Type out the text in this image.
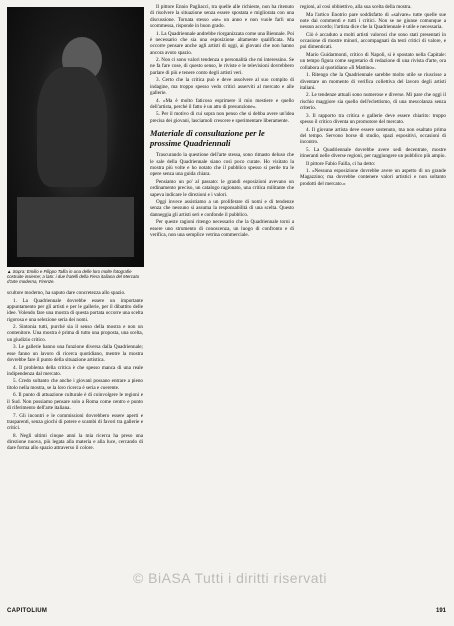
▲ Sopra: Emilio e Filippo Tallia in una delle loro molte fotografie costruite insieme; a lato: i due fratelli della Fiera italiana del Mercato d'arte moderna, Firenze.

scultore moderno, ha saputo dare concretezza allo spazio.

1. La Quadriennale dovrebbe essere un importante appuntamento per gli artisti e per le gallerie, per il dibattito delle idee. Volendo fare una mostra di questa portata occorre una scelta rigorosa e una selezione seria dei nomi.

2. Sintonia tutti, purché sia il senso della mostra e non un contenitore. Una mostra è prima di tutto una proposta, una scelta, un giudizio critico.

3. Le gallerie hanno una funzione diversa dalla Quadriennale; esse fanno un lavoro di ricerca quotidiano, mentre la mostra dovrebbe fare il punto della situazione artistica.

4. Il problema della critica è che spesso manca di una reale indipendenza dal mercato.

5. Credo soltanto che anche i giovani possano entrare a pieno titolo nella mostra, se la loro ricerca è seria e coerente.

6. Il punto di attuazione culturale è di coinvolgere le regioni e il Sud. Non possiamo pensare solo a Roma come centro e punto di riferimento dell'arte italiana.

7. Gli incontri e le commissioni dovrebbero essere aperti e trasparenti, senza giochi di potere e scambi di favori tra gallerie e critici.

8. Negli ultimi cinque anni la mia ricerca ha preso una direzione nuova, più legata alla materia e alla luce, cercando di dare forma allo spazio attraverso il colore.

Il pittore Ennio Pagliacci, tra quelle alle richieste, non ha ritenuto di risolvere la situazione senza essere spostata e migliorata con una discussione. Tornata stesso «se» un anno e non vuole farli una scommessa, risponde in buon grado.

1. La Quadriennale andrebbe riorganizzata come una Biennale. Poi è necessario che sia una esposizione altamente qualificata. Ma occorre pensare anche agli artisti di oggi, ai giovani che non hanno ancora avuto spazio.

2. Non ci sono valori tendenza o personalità che mi interessino. Se ne fa fare cose, di questo senso, le riviste e le televisioni dovrebbero parlare di più e tenere conto degli artisti veri.

3. Certo che la critica può e deve assolvere al suo compito di indagine, ma troppo spesso vedo critici asserviti al mercato e alle gallerie.

4. «Ma è molto faticoso esprimere il mio mestiere e quello dell'artista, perché il fatto è un atto di presunzione».

5. Per il motivo di cui sopra non penso che si debba avere un'idea precisa dei giovani, lasciamoli crescere e sperimentare liberamente.

Materiale di consultazione per le prossime Quadriennali

Trascurando la questione dell'arte stessa, sono rimasto deluso che le sale della Quadriennale siano così poco curate. Ho visitato la mostra più volte e ho notato che il pubblico spesso si perde tra le opere senza una guida chiara.

Pensiamo un po' al passato: le grandi esposizioni avevano un ordinamento preciso, un catalogo ragionato, una critica militante che sapeva indicare le direzioni e i valori.

Oggi invece assistiamo a un proliferare di nomi e di tendenze senza che nessuno si assuma la responsabilità di una scelta. Questo danneggia gli artisti seri e confonde il pubblico.

Per queste ragioni ritengo necessario che la Quadriennale torni a essere uno strumento di conoscenza, un luogo di confronto e di verifica, non una semplice vetrina commerciale.

regioni, al così obbiettivo, alla sua scelta della mostra.

Ma l'artico Enotrio pare soddisfatto di «salvare» tutte quelle sue note dai commenti e tutti i critici. Non se ne giunse comunque a nessun accordo; l'artista dice che la Quadriennale è utile e necessaria.

Ciò è accaduto a molti artisti valorosi che sono stati presentati in occasione di mostre minori, accompagnati da testi critici di valore, e poi dimenticati.

Mario Guidarmonti, critico di Napoli, si è spostato nella Capitale: un tempo figura come segretario di redazione di una rivista d'arte, ora collabora al quotidiano «Il Mattino».

1. Ritengo che la Quadriennale sarebbe molto utile se riuscisse a diventare un momento di verifica collettiva del lavoro degli artisti italiani.

2. Le tendenze attuali sono numerose e diverse. Mi pare che oggi il rischio maggiore sia quello dell'eclettismo, di una mescolanza senza criterio.

3. Il rapporto tra critica e gallerie deve essere chiarito: troppo spesso il critico diventa un promotore del mercato.

4. Il giovane artista deve essere sostenuto, ma non esaltato prima del tempo. Servono borse di studio, spazi espositivi, occasioni di incontro.

5. La Quadriennale dovrebbe avere sedi decentrate, mostre itineranti nelle diverse regioni, per raggiungere un pubblico più ampio.

Il pittore Fabio Failla, ci ha detto:

1. «Nessuna esposizione dovrebbe avere un aspetto di un grande Magazzino; ma dovrebbe contenere valori artistici e non soltanto prodotti del mercato.»

© BiASA Tutti i diritti riservati
CAPITOLIUM	191
